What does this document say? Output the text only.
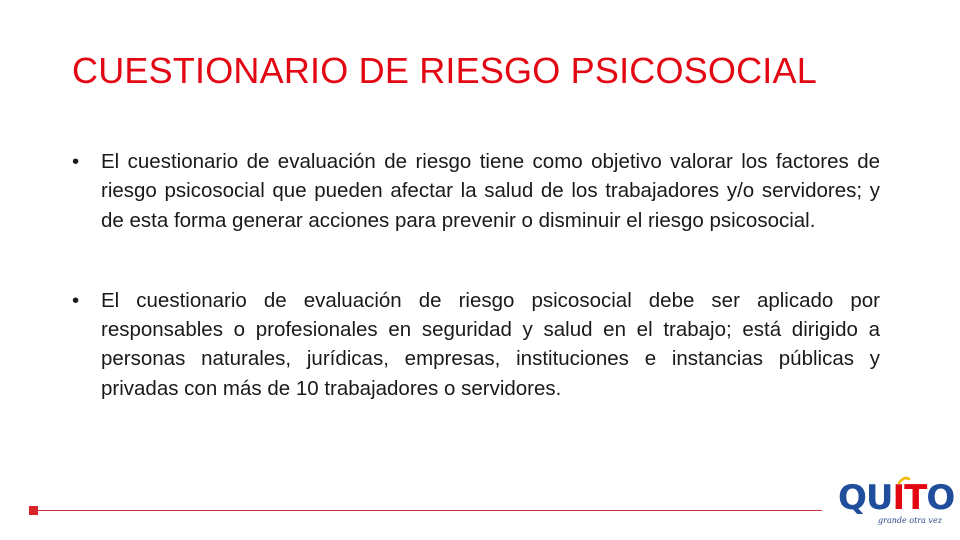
CUESTIONARIO DE RIESGO PSICOSOCIAL
•	El cuestionario de evaluación de riesgo tiene como objetivo valorar los factores de riesgo psicosocial que pueden afectar la salud de los trabajadores y/o servidores; y de esta forma generar acciones para prevenir o disminuir el riesgo psicosocial.
•	El cuestionario de evaluación de riesgo psicosocial debe ser aplicado por responsables o profesionales en seguridad y salud en el trabajo; está dirigido a personas naturales, jurídicas, empresas, instituciones e instancias públicas y privadas con más de 10 trabajadores o servidores.
QUITO
grande otra vez
